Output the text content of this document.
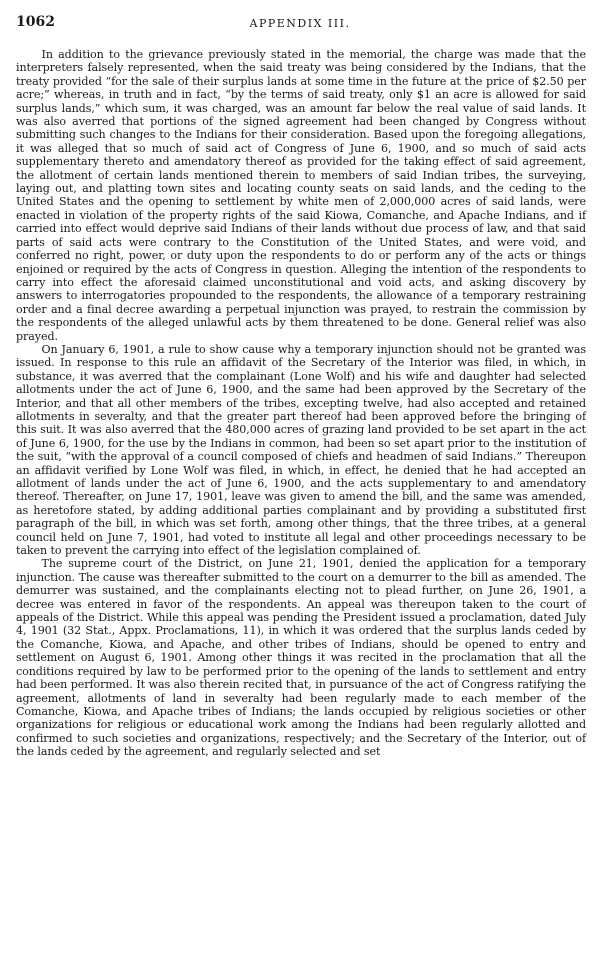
1062	APPENDIX III.

In addition to the grievance previously stated in the memorial, the charge was made that the interpreters falsely represented, when the said treaty was being considered by the Indians, that the treaty provided “for the sale of their surplus lands at some time in the future at the price of $2.50 per acre;” whereas, in truth and in fact, “by the terms of said treaty, only $1 an acre is allowed for said surplus lands,” which sum, it was charged, was an amount far below the real value of said lands. It was also averred that portions of the signed agreement had been changed by Congress without submitting such changes to the Indians for their consideration. Based upon the foregoing allegations, it was alleged that so much of said act of Congress of June 6, 1900, and so much of said acts supplementary thereto and amendatory thereof as provided for the taking effect of said agreement, the allotment of certain lands mentioned therein to members of said Indian tribes, the surveying, laying out, and platting town sites and locating county seats on said lands, and the ceding to the United States and the opening to settlement by white men of 2,000,000 acres of said lands, were enacted in violation of the property rights of the said Kiowa, Comanche, and Apache Indians, and if carried into effect would deprive said Indians of their lands without due process of law, and that said parts of said acts were contrary to the Constitution of the United States, and were void, and conferred no right, power, or duty upon the respondents to do or perform any of the acts or things enjoined or required by the acts of Congress in question. Alleging the intention of the respondents to carry into effect the aforesaid claimed unconstitutional and void acts, and asking discovery by answers to interrogatories propounded to the respondents, the allowance of a temporary restraining order and a final decree awarding a perpetual injunction was prayed, to restrain the commission by the respondents of the alleged unlawful acts by them threatened to be done. General relief was also prayed.

On January 6, 1901, a rule to show cause why a temporary injunction should not be granted was issued. In response to this rule an affidavit of the Secretary of the Interior was filed, in which, in substance, it was averred that the complainant (Lone Wolf) and his wife and daughter had selected allotments under the act of June 6, 1900, and the same had been approved by the Secretary of the Interior, and that all other members of the tribes, excepting twelve, had also accepted and retained allotments in severalty, and that the greater part thereof had been approved before the bringing of this suit. It was also averred that the 480,000 acres of grazing land provided to be set apart in the act of June 6, 1900, for the use by the Indians in common, had been so set apart prior to the institution of the suit, “with the approval of a council composed of chiefs and headmen of said Indians.” Thereupon an affidavit verified by Lone Wolf was filed, in which, in effect, he denied that he had accepted an allotment of lands under the act of June 6, 1900, and the acts supplementary to and amendatory thereof. Thereafter, on June 17, 1901, leave was given to amend the bill, and the same was amended, as heretofore stated, by adding additional parties complainant and by providing a substituted first paragraph of the bill, in which was set forth, among other things, that the three tribes, at a general council held on June 7, 1901, had voted to institute all legal and other proceedings necessary to be taken to prevent the carrying into effect of the legislation complained of.

The supreme court of the District, on June 21, 1901, denied the application for a temporary injunction. The cause was thereafter submitted to the court on a demurrer to the bill as amended. The demurrer was sustained, and the complainants electing not to plead further, on June 26, 1901, a decree was entered in favor of the respondents. An appeal was thereupon taken to the court of appeals of the District. While this appeal was pending the President issued a proclamation, dated July 4, 1901 (32 Stat., Appx. Proclamations, 11), in which it was ordered that the surplus lands ceded by the Comanche, Kiowa, and Apache, and other tribes of Indians, should be opened to entry and settlement on August 6, 1901. Among other things it was recited in the proclamation that all the conditions required by law to be performed prior to the opening of the lands to settlement and entry had been performed. It was also therein recited that, in pursuance of the act of Congress ratifying the agreement, allotments of land in severalty had been regularly made to each member of the Comanche, Kiowa, and Apache tribes of Indians; the lands occupied by religious societies or other organizations for religious or educational work among the Indians had been regularly allotted and confirmed to such societies and organizations, respectively; and the Secretary of the Interior, out of the lands ceded by the agreement, and regularly selected and set
